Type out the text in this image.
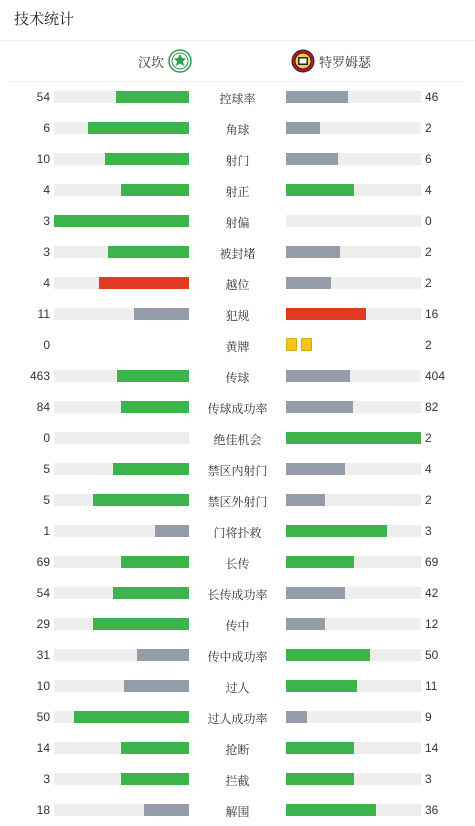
技术统计
汉坎	特罗姆瑟
54	控球率	46
6	角球	2
10	射门	6
4	射正	4
3	射偏	0
3	被封堵	2
4	越位	2
11	犯规	16
0	黄牌	2
463	传球	404
84	传球成功率	82
0	绝佳机会	2
5	禁区内射门	4
5	禁区外射门	2
1	门将扑救	3
69	长传	69
54	长传成功率	42
29	传中	12
31	传中成功率	50
10	过人	11
50	过人成功率	9
14	抢断	14
3	拦截	3
18	解围	36
